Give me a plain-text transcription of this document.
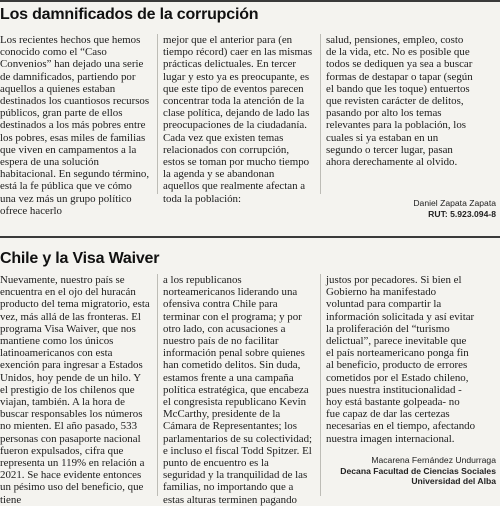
Los damnificados de la corrupción

Los recientes hechos que hemos conocido como el “Caso Convenios” han dejado una serie de damnificados, partiendo por aquellos a quienes estaban destinados los cuantiosos recursos públicos, gran parte de ellos destinados a los más pobres entre los pobres, esas miles de familias que viven en campamentos a la espera de una solución habitacional. En segundo término, está la fe pública que ve cómo una vez más un grupo político ofrece hacerlo

mejor que el anterior para (en tiempo récord) caer en las mismas prácticas delictuales. En tercer lugar y esto ya es preocupante, es que este tipo de eventos parecen concentrar toda la atención de la clase política, dejando de lado las preocupaciones de la ciudadanía. Cada vez que existen temas relacionados con corrupción, estos se toman por mucho tiempo la agenda y se abandonan aquellos que realmente afectan a toda la población:

salud, pensiones, empleo, costo de la vida, etc. No es posible que todos se dediquen ya sea a buscar formas de destapar o tapar (según el bando que les toque) entuertos que revisten carácter de delitos, pasando por alto los temas relevantes para la población, los cuales si ya estaban en un segundo o tercer lugar, pasan ahora derechamente al olvido.

Daniel Zapata Zapata
RUT: 5.923.094-8
Chile y la Visa Waiver

Nuevamente, nuestro país se encuentra en el ojo del huracán producto del tema migratorio, esta vez, más allá de las fronteras. El programa Visa Waiver, que nos mantiene como los únicos latinoamericanos con esta exención para ingresar a Estados Unidos, hoy pende de un hilo. Y el prestigio de los chilenos que viajan, también. A la hora de buscar responsables los números no mienten. El año pasado, 533 personas con pasaporte nacional fueron expulsados, cifra que representa un 119% en relación a 2021. Se hace evidente entonces un pésimo uso del beneficio, que tiene

a los republicanos norteamericanos liderando una ofensiva contra Chile para terminar con el programa; y por otro lado, con acusaciones a nuestro país de no facilitar información penal sobre quienes han cometido delitos. Sin duda, estamos frente a una campaña política estratégica, que encabeza el congresista republicano Kevin McCarthy, presidente de la Cámara de Representantes; los parlamentarios de su colectividad; e incluso el fiscal Todd Spitzer. El punto de encuentro es la seguridad y la tranquilidad de las familias, no importando que a estas alturas terminen pagando

justos por pecadores. Si bien el Gobierno ha manifestado voluntad para compartir la información solicitada y así evitar la proliferación del “turismo delictual”, parece inevitable que el país norteamericano ponga fin al beneficio, producto de errores cometidos por el Estado chileno, pues nuestra institucionalidad -hoy está bastante golpeada- no fue capaz de dar las certezas necesarias en el tiempo, afectando nuestra imagen internacional.

Macarena Fernández Undurraga
Decana Facultad de Ciencias Sociales
Universidad del Alba
